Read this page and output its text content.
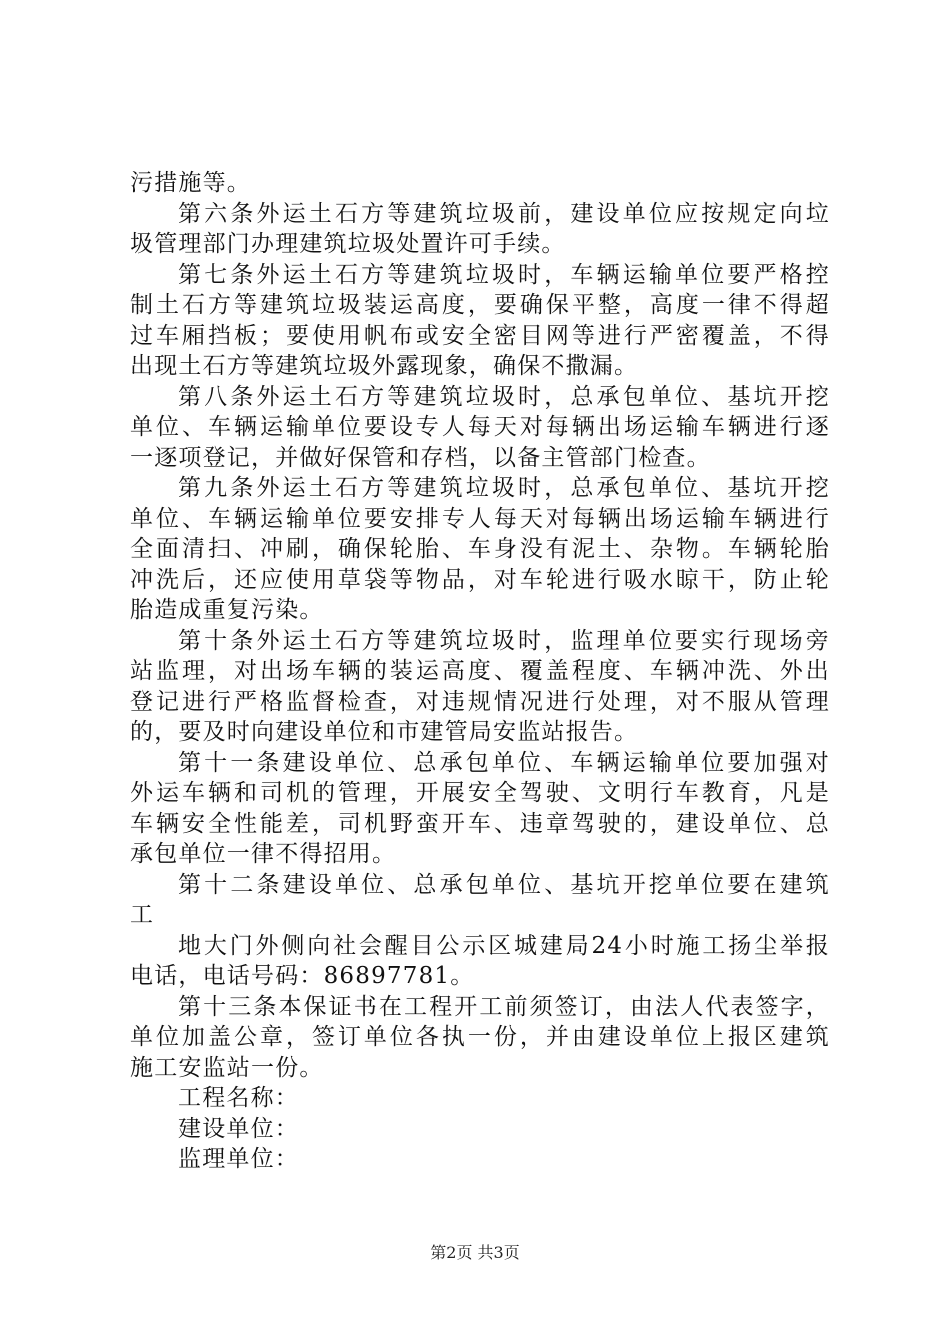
污措施等。
第六条外运土石方等建筑垃圾前，建设单位应按规定向垃
圾管理部门办理建筑垃圾处置许可手续。
第七条外运土石方等建筑垃圾时，车辆运输单位要严格控
制土石方等建筑垃圾装运高度，要确保平整，高度一律不得超
过车厢挡板；要使用帆布或安全密目网等进行严密覆盖，不得
出现土石方等建筑垃圾外露现象，确保不撒漏。
第八条外运土石方等建筑垃圾时，总承包单位、基坑开挖
单位、车辆运输单位要设专人每天对每辆出场运输车辆进行逐
一逐项登记，并做好保管和存档，以备主管部门检查。
第九条外运土石方等建筑垃圾时，总承包单位、基坑开挖
单位、车辆运输单位要安排专人每天对每辆出场运输车辆进行
全面清扫、冲刷，确保轮胎、车身没有泥土、杂物。车辆轮胎
冲洗后，还应使用草袋等物品，对车轮进行吸水晾干，防止轮
胎造成重复污染。
第十条外运土石方等建筑垃圾时，监理单位要实行现场旁
站监理，对出场车辆的装运高度、覆盖程度、车辆冲洗、外出
登记进行严格监督检查，对违规情况进行处理，对不服从管理
的，要及时向建设单位和市建管局安监站报告。
第十一条建设单位、总承包单位、车辆运输单位要加强对
外运车辆和司机的管理，开展安全驾驶、文明行车教育，凡是
车辆安全性能差，司机野蛮开车、违章驾驶的，建设单位、总
承包单位一律不得招用。
第十二条建设单位、总承包单位、基坑开挖单位要在建筑
工
地大门外侧向社会醒目公示区城建局24小时施工扬尘举报
电话，电话号码：86897781。
第十三条本保证书在工程开工前须签订，由法人代表签字，
单位加盖公章，签订单位各执一份，并由建设单位上报区建筑
施工安监站一份。
工程名称：
建设单位：
监理单位：
第2页 共3页
